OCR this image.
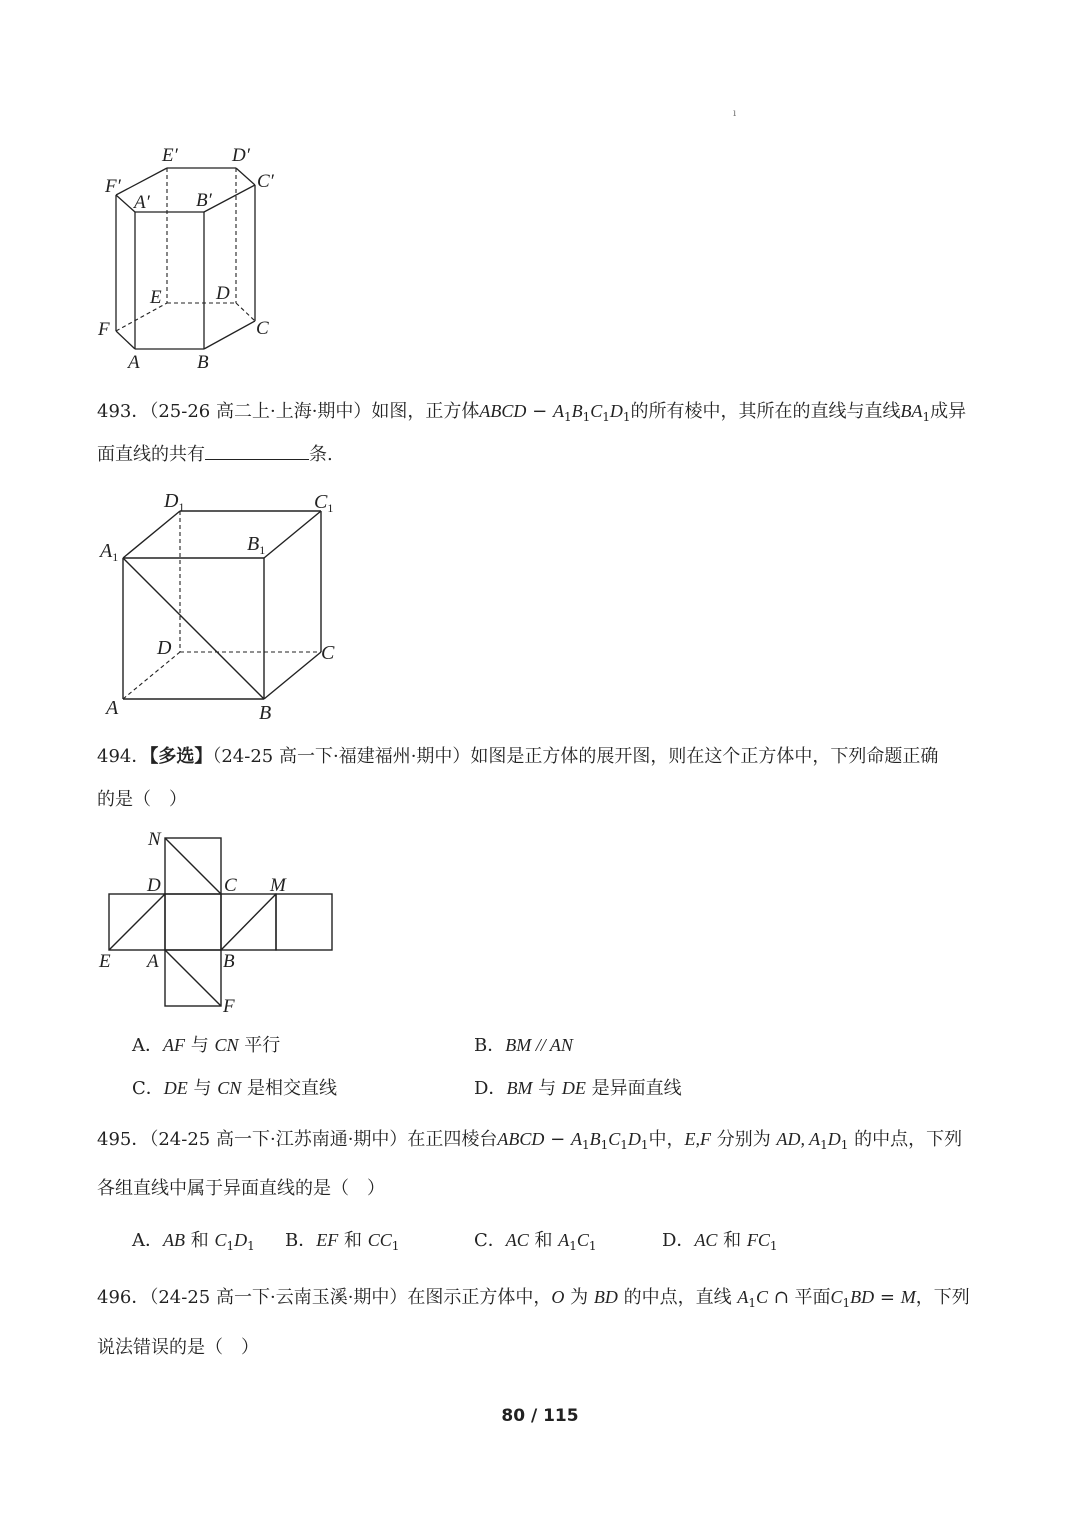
ı
E′	D′
F′	C′
A′ B′
E	D
F	C
A	B
493．（25-26 高二上·上海·期中）如图，正方体ABCD − $A_1B_1C_1D_1$的所有棱中，其所在的直线与直线$BA_1$成异
面直线的共有	条.
$D_1$	$C_1$
$A_1$
$B_1$
D	C
A	B
494．【多选】（24-25 高一下·福建福州·期中）如图是正方体的展开图，则在这个正方体中，下列命题正确
的是（　）
N
D	C M
E A	B
F
A．AF 与 CN 平行	B．BM // AN
C．DE 与 CN 是相交直线	D．BM 与 DE 是异面直线
495．（24-25 高一下·江苏南通·期中）在正四棱台ABCD − $A_1B_1C_1D_1$中，E,F 分别为 AD, $A_1D_1$ 的中点，下列
各组直线中属于异面直线的是（　）
A．AB 和 $C_1D_1$ B．EF 和 $CC_1$	C．AC 和 $A_1C_1$	D．AC 和 $FC_1$
496．（24-25 高一下·云南玉溪·期中）在图示正方体中，O 为 BD 的中点，直线 $A_1C$ ∩ 平面$C_1BD = M$，下列
说法错误的是（　）
80 / 115
